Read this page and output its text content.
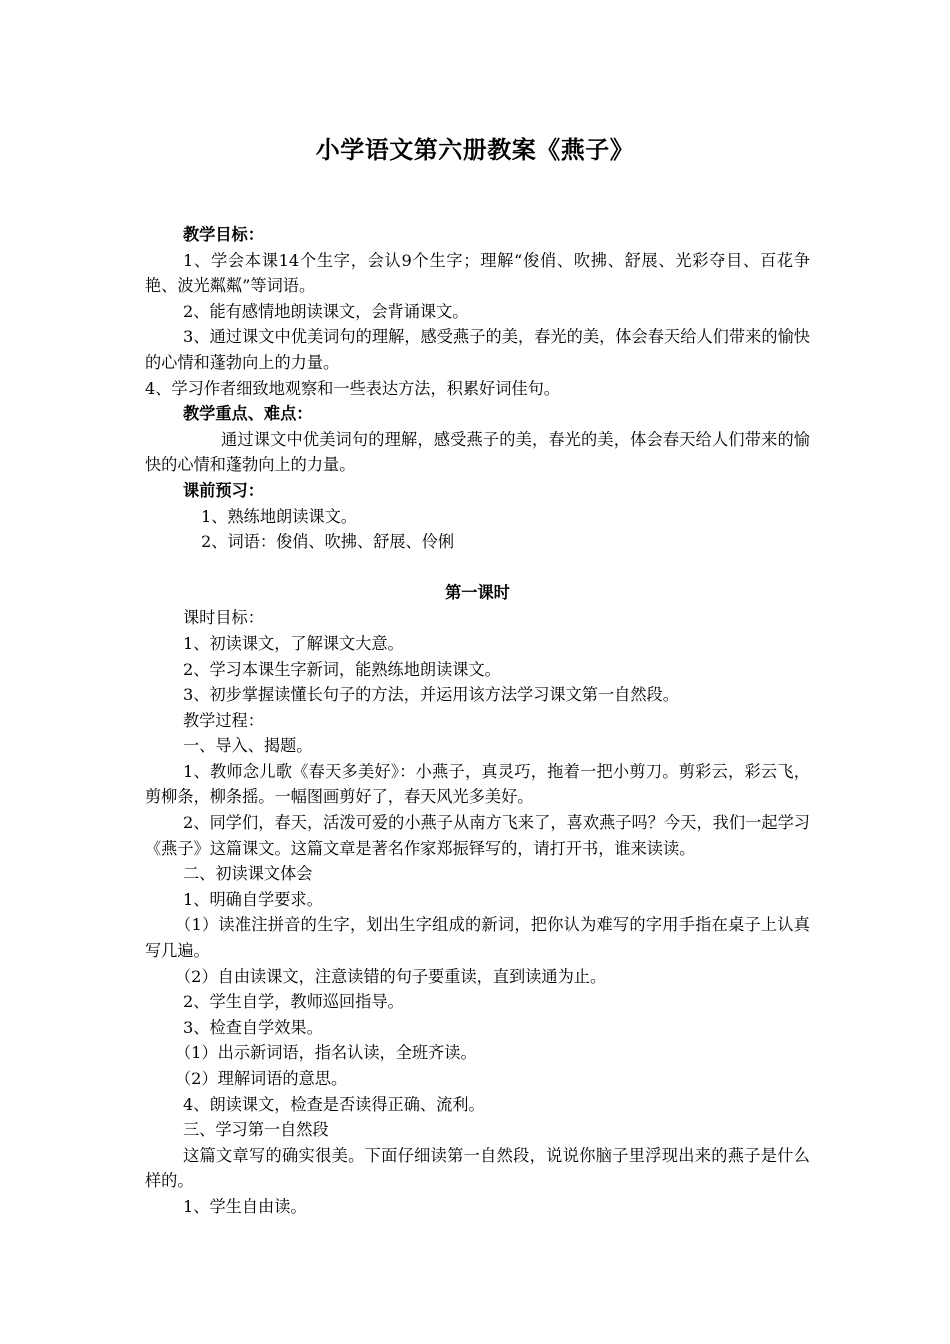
小学语文第六册教案《燕子》

教学目标：

1、学会本课14个生字，会认9个生字；理解“俊俏、吹拂、舒展、光彩夺目、百花争艳、波光粼粼”等词语。

2、能有感情地朗读课文，会背诵课文。

3、通过课文中优美词句的理解，感受燕子的美，春光的美，体会春天给人们带来的愉快的心情和蓬勃向上的力量。

4、学习作者细致地观察和一些表达方法，积累好词佳句。

教学重点、难点：

通过课文中优美词句的理解，感受燕子的美，春光的美，体会春天给人们带来的愉快的心情和蓬勃向上的力量。

课前预习：

1、熟练地朗读课文。

2、词语：俊俏、吹拂、舒展、伶俐

第一课时

课时目标：

1、初读课文，了解课文大意。

2、学习本课生字新词，能熟练地朗读课文。

3、初步掌握读懂长句子的方法，并运用该方法学习课文第一自然段。

教学过程：

一、导入、揭题。

1、教师念儿歌《春天多美好》：小燕子，真灵巧，拖着一把小剪刀。剪彩云，彩云飞，剪柳条，柳条摇。一幅图画剪好了，春天风光多美好。

2、同学们，春天，活泼可爱的小燕子从南方飞来了，喜欢燕子吗？今天，我们一起学习《燕子》这篇课文。这篇文章是著名作家郑振铎写的，请打开书，谁来读读。

二、初读课文体会

1、明确自学要求。

（1）读准注拼音的生字，划出生字组成的新词，把你认为难写的字用手指在桌子上认真写几遍。

（2）自由读课文，注意读错的句子要重读，直到读通为止。

2、学生自学，教师巡回指导。

3、检查自学效果。

（1）出示新词语，指名认读，全班齐读。

（2）理解词语的意思。

4、朗读课文，检查是否读得正确、流利。

三、学习第一自然段

这篇文章写的确实很美。下面仔细读第一自然段，说说你脑子里浮现出来的燕子是什么样的。

1、学生自由读。
